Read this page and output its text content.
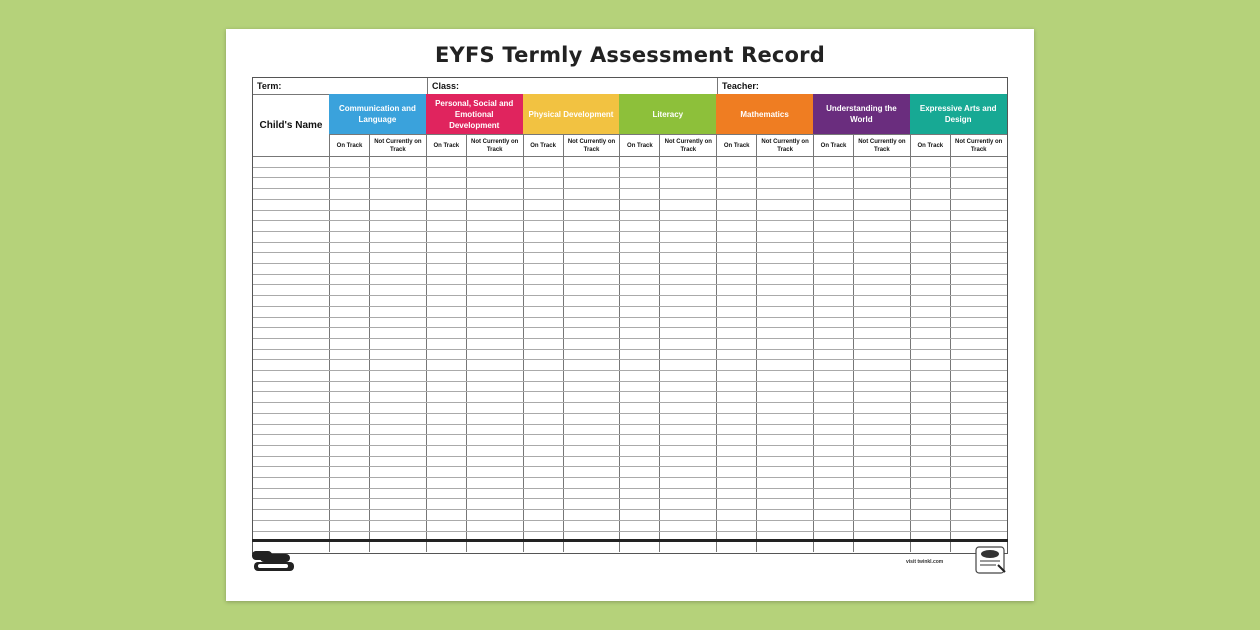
EYFS Termly Assessment Record
Term:	Class:	Teacher:
Child's Name
Communication and Language
On Track
Not Currently on Track
Personal, Social and Emotional Development
On Track
Not Currently on Track
Physical Development
On Track
Not Currently on Track
Literacy
On Track
Not Currently on Track
Mathematics
On Track
Not Currently on Track
Understanding the World
On Track
Not Currently on Track
Expressive Arts and Design
On Track
Not Currently on Track
visit twinkl.com
